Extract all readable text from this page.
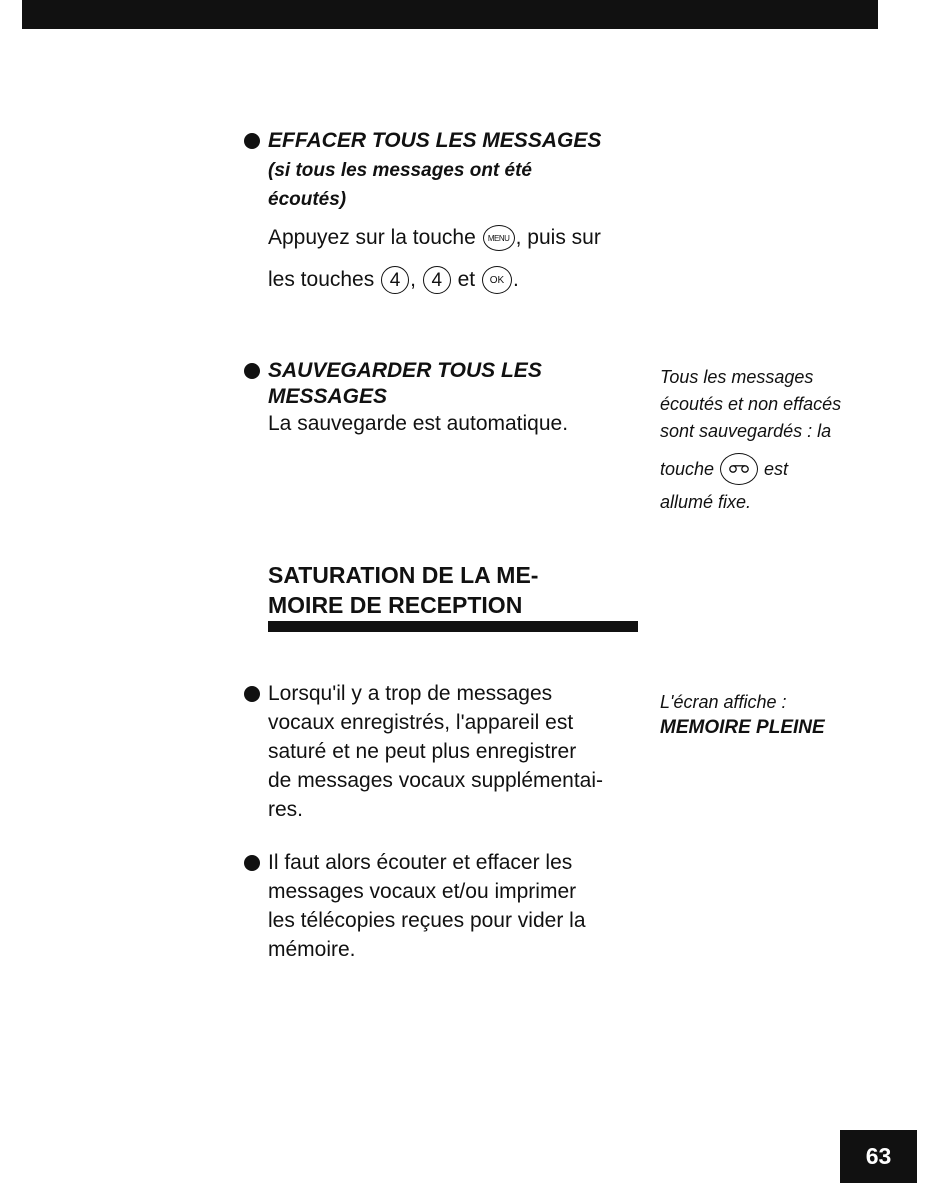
EFFACER TOUS LES MESSAGES
(si tous les messages ont été
écoutés)
Appuyez sur la touche MENU , puis sur
les touches 4 , 4 et OK .
SAUVEGARDER TOUS LES
MESSAGES
La sauvegarde est automatique.
Tous les messages
écoutés et non effacés
sont sauvegardés : la
touche	est
allumé fixe.
SATURATION DE LA ME-
MOIRE DE RECEPTION
Lorsqu'il y a trop de messages
vocaux enregistrés, l'appareil est
saturé et ne peut plus enregistrer
de messages vocaux supplémentai-
res.
L'écran affiche :
MEMOIRE PLEINE
Il faut alors écouter et effacer les
messages vocaux et/ou imprimer
les télécopies reçues pour vider la
mémoire.
63
